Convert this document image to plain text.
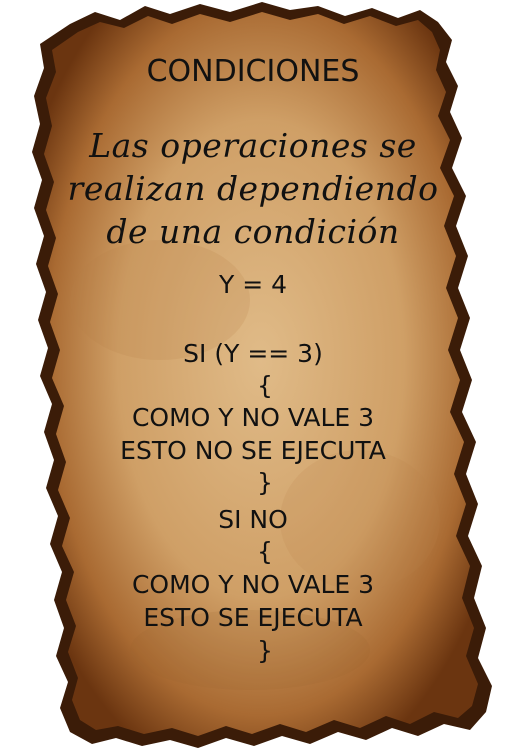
CONDICIONES
Las operaciones se
realizan dependiendo
de una condición
Y = 4
SI (Y == 3)
{
COMO Y NO VALE 3
ESTO NO SE EJECUTA
}
SI NO
{
COMO Y NO VALE 3
ESTO SE EJECUTA
}
